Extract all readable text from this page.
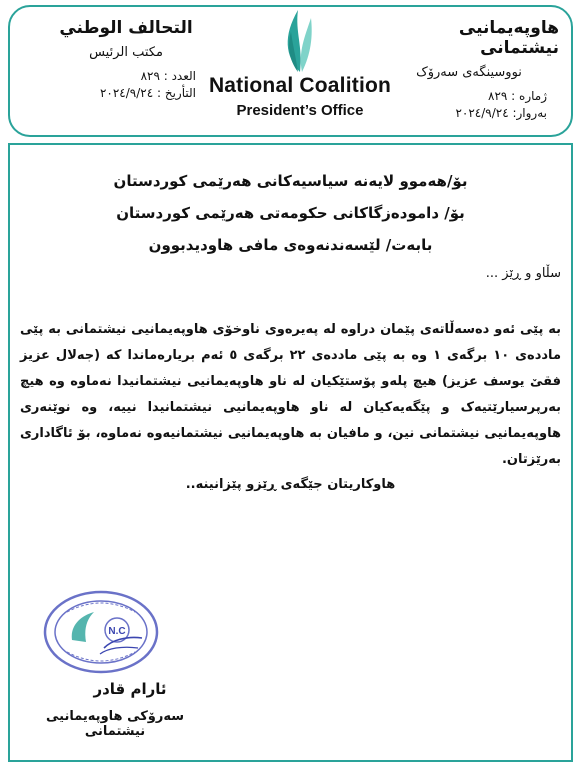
هاوپەیمانیی نیشتمانی
نووسینگەی سەرۆک
ژمارە : ٨٢٩
بەروار: ٢٠٢٤/٩/٢٤
National Coalition
President’s Office
التحالف الوطني
مكتب الرئيس
العدد : ٨٢٩
التأريخ : ٢٠٢٤/٩/٢٤
بۆ/هەموو لایەنە سیاسیەکانی هەرێمی کوردستان
بۆ/ دامودەزگاکانی حکومەتی هەرێمی کوردستان
بابەت/ لێسەندنەوەی مافی هاودیدبوون
سڵاو و ڕێز ...
بە پێی ئەو دەسەڵاتەی پێمان دراوە لە پەیرەوی ناوخۆی هاوپەیمانیی نیشتمانی بە پێی ماددەی ١٠ برگەی ١ وە بە پێی ماددەی ٢٢ برگەی ٥ ئەم بریارەماندا کە (جەلال عزیز فقێ یوسف عزیز) هیچ پلەو پۆستێکیان لە ناو هاوپەیمانیی نیشتمانیدا نەماوە وە هیچ بەرپرسیارێتیەک و پێگەیەکیان لە ناو هاوپەیمانیی نیشتمانیدا نییە، وە نوێنەری هاوپەیمانیی نیشتمانی نین، و مافیان بە هاوپەیمانیی نیشتمانیەوە نەماوە، بۆ ئاگاداری بەرێزتان.
هاوکاریتان جێگەی ڕێزو پێزانینە..
N.C
ئارام قادر
سەرۆکی هاوپەیمانیی نیشتمانی
